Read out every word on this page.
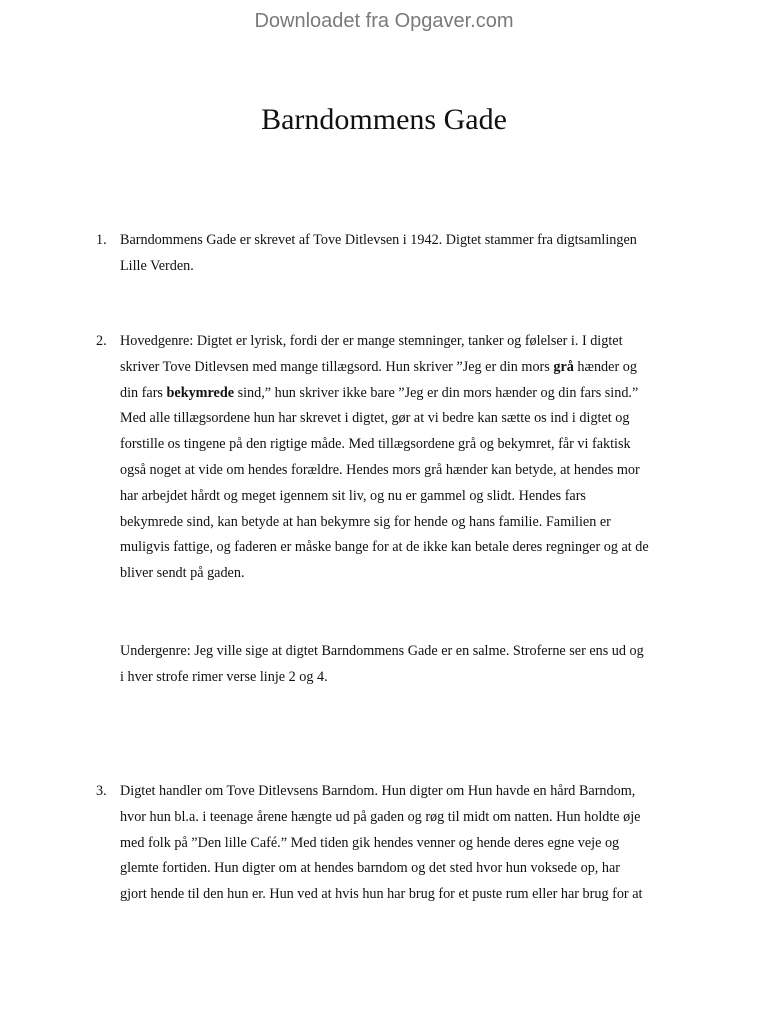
Downloadet fra Opgaver.com
Barndommens Gade
1. Barndommens Gade er skrevet af Tove Ditlevsen i 1942. Digtet stammer fra digtsamlingen
Lille Verden.
2. Hovedgenre: Digtet er lyrisk, fordi der er mange stemninger, tanker og følelser i. I digtet
skriver Tove Ditlevsen med mange tillægsord. Hun skriver ”Jeg er din mors grå hænder og
din fars bekymrede sind,” hun skriver ikke bare ”Jeg er din mors hænder og din fars sind.”
Med alle tillægsordene hun har skrevet i digtet, gør at vi bedre kan sætte os ind i digtet og
forstille os tingene på den rigtige måde. Med tillægsordene grå og bekymret, får vi faktisk
også noget at vide om hendes forældre. Hendes mors grå hænder kan betyde, at hendes mor
har arbejdet hårdt og meget igennem sit liv, og nu er gammel og slidt. Hendes fars
bekymrede sind, kan betyde at han bekymre sig for hende og hans familie. Familien er
muligvis fattige, og faderen er måske bange for at de ikke kan betale deres regninger og at de
bliver sendt på gaden.
Undergenre: Jeg ville sige at digtet Barndommens Gade er en salme. Stroferne ser ens ud og
i hver strofe rimer verse linje 2 og 4.
3. Digtet handler om Tove Ditlevsens Barndom. Hun digter om Hun havde en hård Barndom,
hvor hun bl.a. i teenage årene hængte ud på gaden og røg til midt om natten. Hun holdte øje
med folk på ”Den lille Café.” Med tiden gik hendes venner og hende deres egne veje og
glemte fortiden. Hun digter om at hendes barndom og det sted hvor hun voksede op, har
gjort hende til den hun er. Hun ved at hvis hun har brug for et puste rum eller har brug for at
